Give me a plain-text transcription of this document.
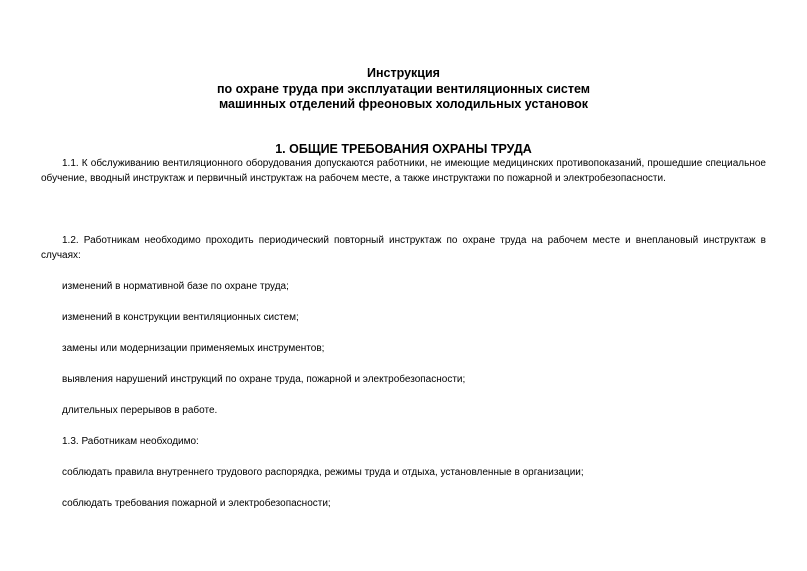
Инструкция
по охране труда при эксплуатации вентиляционных систем
машинных отделений фреоновых холодильных установок
1. ОБЩИЕ ТРЕБОВАНИЯ ОХРАНЫ ТРУДА

1.1. К обслуживанию вентиляционного оборудования допускаются работники, не имеющие медицинских противопоказаний, прошедшие специальное обучение, вводный инструктаж и первичный инструктаж на рабочем месте, а также инструктажи по пожарной и электробезопасности.

1.2. Работникам необходимо проходить периодический повторный инструктаж по охране труда на рабочем месте и внеплановый инструктаж в случаях:

изменений в нормативной базе по охране труда;

изменений в конструкции вентиляционных систем;

замены или модернизации применяемых инструментов;

выявления нарушений инструкций по охране труда, пожарной и электробезопасности;

длительных перерывов в работе.

1.3. Работникам необходимо:

соблюдать правила внутреннего трудового распорядка, режимы труда и отдыха, установленные в организации;

соблюдать требования пожарной и электробезопасности;
